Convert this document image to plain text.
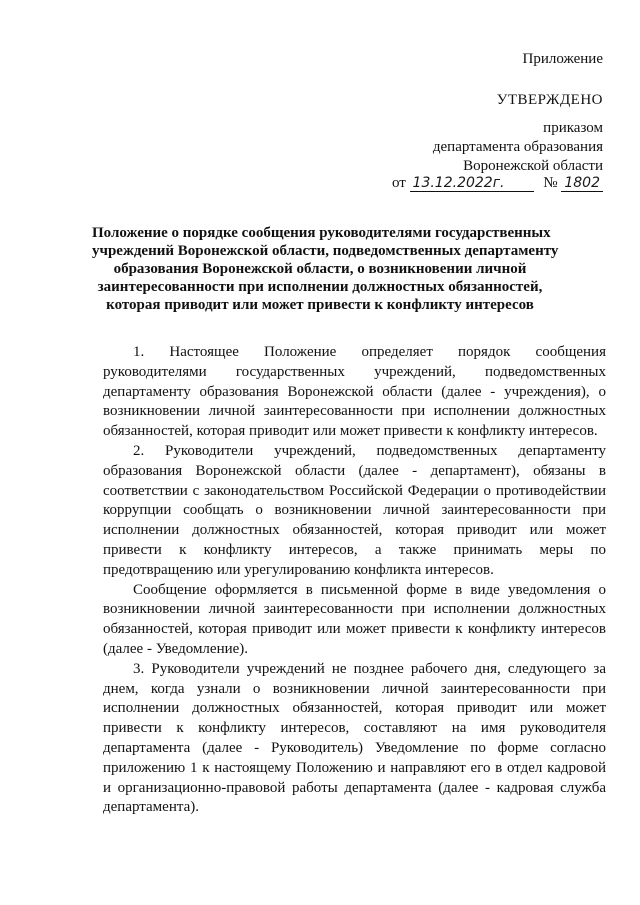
Приложение
УТВЕРЖДЕНО
приказом
департамента образования
Воронежской области
от 13.12.2022г.	№ 1802
Положение о порядке сообщения руководителями государственных
учреждений Воронежской области, подведомственных департаменту
образования Воронежской области, о возникновении личной
заинтересованности при исполнении должностных обязанностей,
которая приводит или может привести к конфликту интересов
1. Настоящее Положение определяет порядок сообщения
руководителями государственных учреждений, подведомственных
департаменту образования Воронежской области (далее - учреждения), о
возникновении личной заинтересованности при исполнении должностных
обязанностей, которая приводит или может привести к конфликту интересов.
2. Руководители учреждений, подведомственных департаменту
образования Воронежской области (далее - департамент), обязаны в
соответствии с законодательством Российской Федерации о противодействии
коррупции сообщать о возникновении личной заинтересованности при
исполнении должностных обязанностей, которая приводит или может
привести к конфликту интересов, а также принимать меры по
предотвращению или урегулированию конфликта интересов.
Сообщение оформляется в письменной форме в виде уведомления о
возникновении личной заинтересованности при исполнении должностных
обязанностей, которая приводит или может привести к конфликту интересов
(далее - Уведомление).
3. Руководители учреждений не позднее рабочего дня, следующего за
днем, когда узнали о возникновении личной заинтересованности при
исполнении должностных обязанностей, которая приводит или может
привести к конфликту интересов, составляют на имя руководителя
департамента (далее - Руководитель) Уведомление по форме согласно
приложению 1 к настоящему Положению и направляют его в отдел кадровой
и организационно-правовой работы департамента (далее - кадровая служба
департамента).
